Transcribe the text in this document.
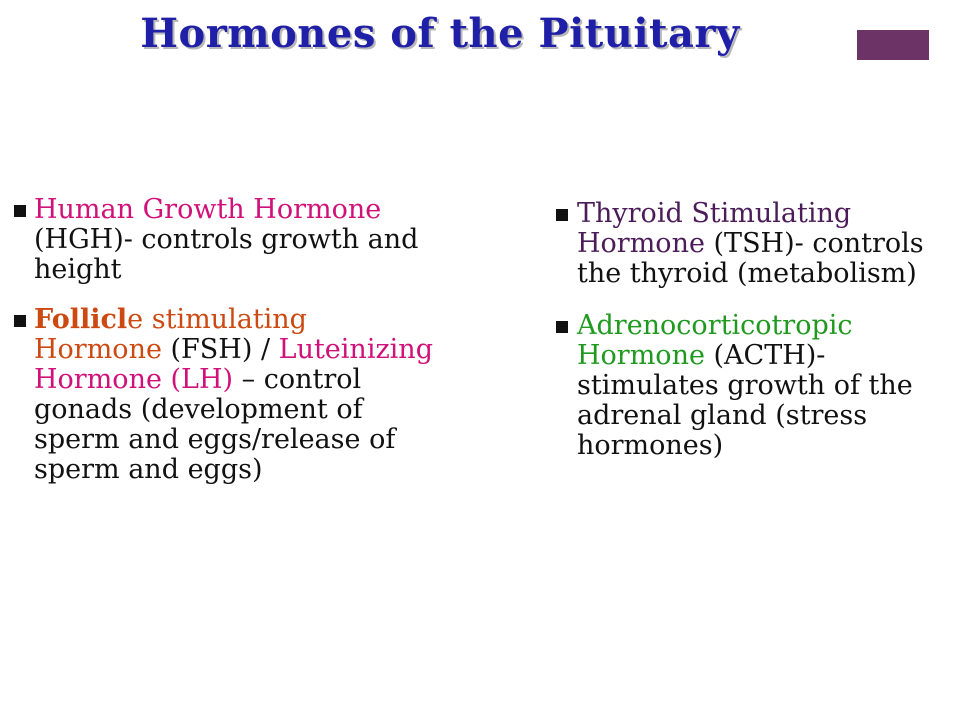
Hormones of the Pituitary
Human Growth Hormone (HGH)- controls growth and height
Follicle stimulating Hormone (FSH) / Luteinizing Hormone (LH) – control gonads (development of sperm and eggs/release of sperm and eggs)
Thyroid Stimulating Hormone (TSH)- controls the thyroid (metabolism)
Adrenocorticotropic Hormone (ACTH)- stimulates growth of the adrenal gland (stress hormones)
